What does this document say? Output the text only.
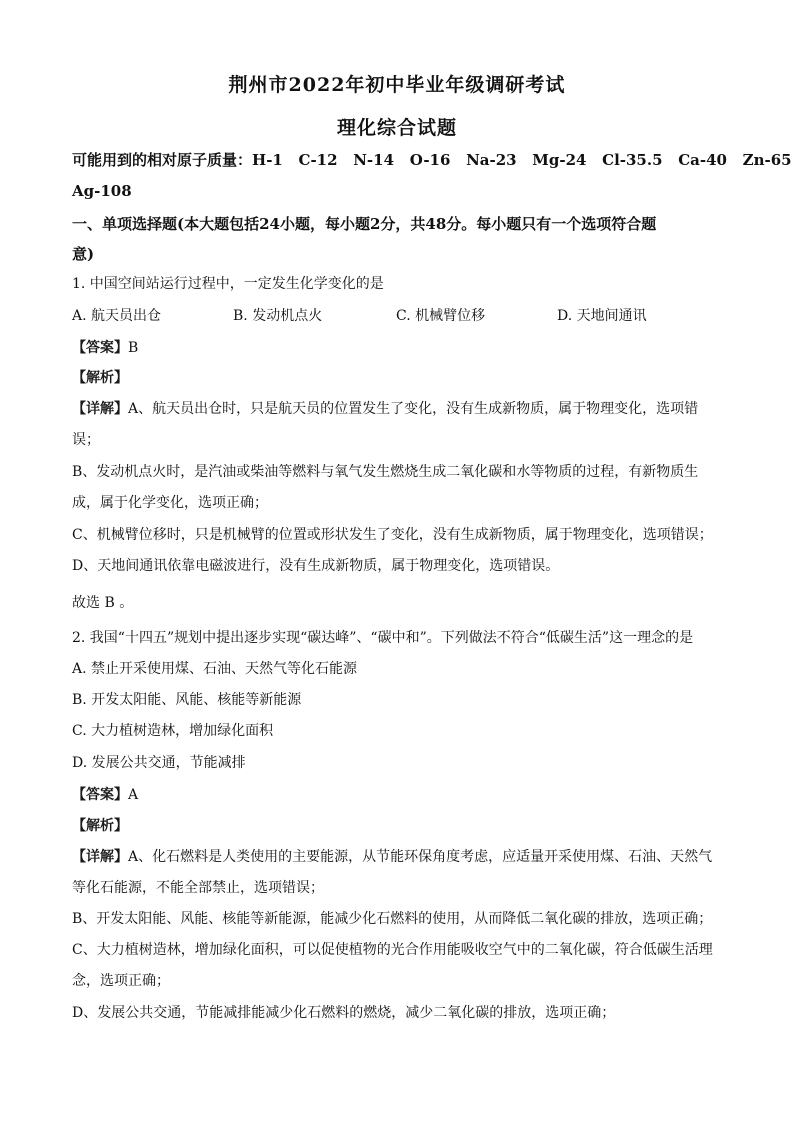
荆州市2022年初中毕业年级调研考试
理化综合试题
可能用到的相对原子质量：H-1   C-12   N-14   O-16   Na-23   Mg-24   Cl-35.5   Ca-40   Zn-65
Ag-108
一、单项选择题(本大题包括24小题，每小题2分，共48分。每小题只有一个选项符合题
意)
1. 中国空间站运行过程中，一定发生化学变化的是
A. 航天员出仓	B. 发动机点火	C. 机械臂位移	D. 天地间通讯
【答案】B
【解析】
【详解】A、航天员出仓时，只是航天员的位置发生了变化，没有生成新物质，属于物理变化，选项错
误；
B、发动机点火时，是汽油或柴油等燃料与氧气发生燃烧生成二氧化碳和水等物质的过程，有新物质生
成，属于化学变化，选项正确；
C、机械臂位移时，只是机械臂的位置或形状发生了变化，没有生成新物质，属于物理变化，选项错误；
D、天地间通讯依靠电磁波进行，没有生成新物质，属于物理变化，选项错误。
故选 B 。
2. 我国“十四五”规划中提出逐步实现“碳达峰”、“碳中和”。下列做法不符合“低碳生活”这一理念的是
A. 禁止开采使用煤、石油、天然气等化石能源
B. 开发太阳能、风能、核能等新能源
C. 大力植树造林，增加绿化面积
D. 发展公共交通，节能减排
【答案】A
【解析】
【详解】A、化石燃料是人类使用的主要能源，从节能环保角度考虑，应适量开采使用煤、石油、天然气
等化石能源，不能全部禁止，选项错误；
B、开发太阳能、风能、核能等新能源，能减少化石燃料的使用，从而降低二氧化碳的排放，选项正确；
C、大力植树造林，增加绿化面积，可以促使植物的光合作用能吸收空气中的二氧化碳，符合低碳生活理
念，选项正确；
D、发展公共交通，节能减排能减少化石燃料的燃烧，减少二氧化碳的排放，选项正确；
